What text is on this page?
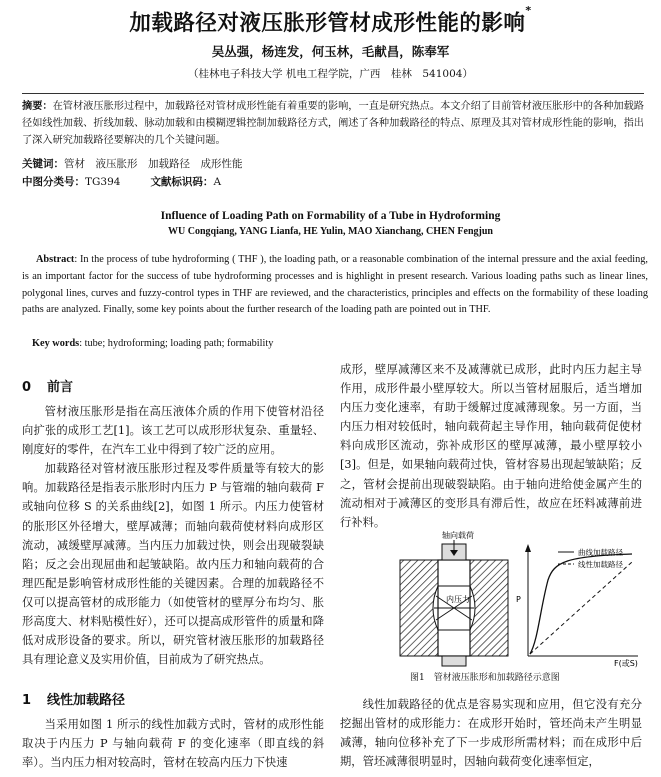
加载路径对液压胀形管材成形性能的影响*
吴丛强，杨连发，何玉林，毛献昌，陈奉军
（桂林电子科技大学 机电工程学院，广西　桂林　541004）
摘要：在管材液压胀形过程中，加载路径对管材成形性能有着重要的影响，一直是研究热点。本文介绍了目前管材液压胀形中的各种加载路径如线性加载、折线加载、脉动加载和由模糊逻辑控制加载路径方式，阐述了各种加载路径的特点、原理及其对管材成形性能的影响，指出了深入研究加载路径要解决的几个关键问题。
关键词：管材　液压胀形　加载路径　成形性能
中图分类号：TG394	文献标识码：A
Influence of Loading Path on Formability of a Tube in Hydroforming
WU Congqiang, YANG Lianfa, HE Yulin, MAO Xianchang, CHEN Fengjun
Abstract: In the process of tube hydroforming ( THF ), the loading path, or a reasonable combination of the internal pressure and the axial feeding, is an important factor for the success of tube hydroforming processes and is highlight in present research. Various loading paths such as linear lines, polygonal lines, curves and fuzzy-control types in THF are reviewed, and the characteristics, principles and effects on the formability of these loading paths are analyzed. Finally, some key points about the further research of the loading path are pointed out in THF.
Key words: tube; hydroforming; loading path; formability
0 前言

管材液压胀形是指在高压液体介质的作用下使管材沿径向扩张的成形工艺[1]。该工艺可以成形形状复杂、重量轻、刚度好的零件，在汽车工业中得到了较广泛的应用。

加载路径对管材液压胀形过程及零件质量等有较大的影响。加载路径是指表示胀形时内压力 P 与管端的轴向载荷 F 或轴向位移 S 的关系曲线[2]，如图 1 所示。内压力使管材的胀形区外径增大，壁厚减薄；而轴向载荷使材料向成形区流动，减缓壁厚减薄。当内压力加载过快，则会出现破裂缺陷；反之会出现屈曲和起皱缺陷。故内压力和轴向载荷的合理匹配是影响管材成形性能的关键因素。合理的加载路径不仅可以提高管材的成形能力（如使管材的壁厚分布均匀、胀形高度大、材料贴模性好），还可以提高成形管件的质量和降低对成形设备的要求。所以，研究管材液压胀形的加载路径具有理论意义及实用价值，目前成为了研究热点。

1 线性加载路径

当采用如图 1 所示的线性加载方式时，管材的成形性能取决于内压力 P 与轴向载荷 F 的变化速率（即直线的斜率）。当内压力相对较高时，管材在较高内压力下快速

成形，壁厚减薄区来不及减薄就已成形，此时内压力起主导作用，成形件最小壁厚较大。所以当管材屈服后，适当增加内压力变化速率，有助于缓解过度减薄现象。另一方面，当内压力相对较低时，轴向载荷起主导作用，轴向载荷促使材料向成形区流动，弥补成形区的壁厚减薄，最小壁厚较小[3]。但是，如果轴向载荷过快，管材容易出现起皱缺陷；反之，管材会提前出现破裂缺陷。由于轴向进给使金属产生的流动相对于减薄区的变形具有滞后性，故应在坯料减薄前进行补料。

轴向载荷
内压力	P
曲线加载路径
线性加载路径
F(或S)
图1　管材液压胀形和加载路径示意图

线性加载路径的优点是容易实现和应用，但它没有充分挖掘出管材的成形能力：在成形开始时，管坯尚未产生明显减薄，轴向位移补充了下一步成形所需材料；而在成形中后期，管坯减薄很明显时，因轴向载荷变化速率恒定，
